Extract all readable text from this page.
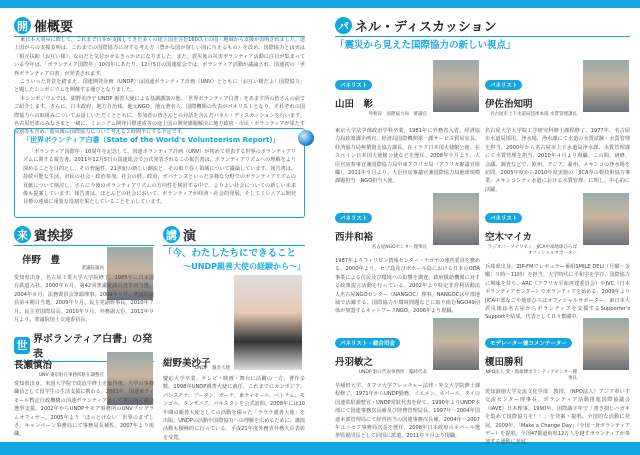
開 催概要

東日本大震災に際して、これまで日本が支援してきた多くの途上国を含む160以上の国・地域から支援が表明されました。途上国からの支援表明は、これまでの国際協力に対する考え方（豊かな国が貧しい国に与えるもの）を改め、国際協力とは実は「相互扶助（お互い様）」なのだと気付かせるきっかけになりました。また、震災後の災害ボランティア活動に注目が集まっている今年は、「ボランティア国際年」10周年にあたり、12月5日の国連総会では、ボランティア活動が議論され、国連初の「世界ボランティア白書」が発表されます。

こういった背景を踏まえ、国連開発計画（UNDP）は国連ボランティア計画（UNV）とともに「お互い様だよ！国際協力」と題したシンポジウムを開催する運びとなりました。

本シンポジウムでは、紺野美沙子 UNDP 親善大使による基調講演の他、「世界ボランティア白書」をあます所の皆さんの前でご紹介します。さらに、日本政府、地方自治体、地元NGO、地元著名人、国際機関の代表がパネリストとなり、それぞれの国際協力への取組みについてお話しいただくとともに、参加者の皆さんとの対話を含んだパネル・ディスカッションを行います。名古屋近郊のみなさまと一緒に、ミレニアム開発目標達成等の途上国の開発課題解決に地方政府・市民・ボランティアが果たす役割等も含め、震災後の国際協力について考える２時間半にする予定です。

「世界ボランティア白書（State of the World's Volunteerism Report)」

「ボランティア国際年」10周年を記念して、国連ボランティア計画（UNV）が初めて発表する世界のボランティアリズムに関する報告書。2011年12月5日の国連総会で公式発表されるこの報告書は、ボランティアリズムへの理解をより深めることを目的とし、その普遍性、21世紀の新しい潮流と、その取り巻く領域について議論しています。報告書は、持続可能な生活、市民の社会・政治参加、社会の絆、政府、ガバナンスといった多様な分野でのボランティアリズムの貢献について検討し、さらに今後のボランティアリズムの方向性を検討する中で、よりよい社会についての新しい未来像も提案しています。報告書は、ほとんどの社会において、ボランティアが経済・社会的発展、そしてミレニアム開発目標の達成に重要な役割を果たしていることを示しています。

来 賓挨拶
伴野　豊
衆議院議員

愛知県出身。名古屋工業大学大学院修了。1985年に日本国有鉄道入社。2000年６月、第42回衆議院議員選挙初当選。2004年８月、法務委員会筆頭理事。2009年９月、衆議院議員第４期目当選。2009年９月、民主党副幹事長。2010年７月、民主党国際局長。2010年９月、外務副大臣。2011年９月より、衆議院国土交通委員長。

世 界ボランティア白書」の発表
長瀬慎治
UNV 東京駐在事務所駐在調整官

愛知県出身。米国大学院で政治学修士を取得後、大学の事務職員として留学生の生活支援に携わる。2001年、国連東ティモール暫定行政機構の国連ボランティアとして憲法制定議会選挙支援。2002年からUNDPサモア事務所のUNVプログラムオフィサー。2005年より「ほっとけない　世界のまずしさ」キャンペーン事務局にて事務局長補佐。2007年より現職。

講 演
「今、わたしたちにできること
〜UNDP親善大使の経験から〜」
紺野美沙子
UNDP　親善大使

慶応大学卒業。テレビ・映画・舞台に活躍の一方、著作多数。1998年UNDP親善大使に就任。これまでにカンボジア、パレスチナ、ブータン、ガーナ、東ティモール、ベトナム、モンゴル、タンザニア、パキスタンを公式訪問。2008年には10年間の親善大使としての活動を綴った「ラララ親善大使」を出版。UNDPの活動や国際協力への理解を広めるために、講演活動も積極的に行っている。平成21年度外務省外務大臣表彰を受賞。

パ ネル・ディスカッション
「震災から見えた国際協力の新しい視点」
パネリスト
山田　彰
外務省　国際協力局　審議官

東京大学法学部政治学科卒業。1981年に外務省入省。経済協力局政策課企画官、経済局国際機関第一課サービス貿易室長、経済協力局無償資金協力課長、在イラク日本国大使館公使、在スペイン日本国大使館公使などを歴任。2008年９月より、大臣官房参事官兼国際協力局中東アフリカ局（アフリカ審議官組織）。2011年９月より、大臣官房審議官兼国際協力局地球規模課題担当　NGO担当大使。

パネリスト
伊佐治知明
名古屋市上下水道局技術本部 水質管理課長

名古屋大学大学院工学研究科修士課程修了。1977年、名古屋市水道局採用。浄水場、浄水課にて水道の水質試験・水質管理を担当。2000年から名古屋市上下水道局浄水課、水質管理課にて水質管理を担当。2010年４月より現職。この間、研修、会議、調査などで、欧州、アジア、豪州、メキシコの浄水場を訪問。2005年度から2010年度実施の「JICA草の根技術協力事業：メキシコシティ水道における水質管理」に関し、中心的に活躍。

パネリスト
西井和裕
名古屋NGOセンター理事長

1987年よりフィリピン情報センター・ナゴヤの運営委員を務める。2000年より、セブ島及びボホール島における日本のODA事業による住民及び環境への影響を調査。政府援助機関に対する政策提言活動を行っている。2002年より特定非営利活動法人名古屋NGOセンター（NANGOC）理事。NANGOCは中部地域で活躍する、国際協力や環境問題などに取り組むNGO49団体が加盟するネットワークNGO。2006年より現職。

パネリスト
空木マイカ
ラジオパーソナリティ、JICA中部地球ひろばオフィシャルサポーター

兵庫県出身。ZIP-FMでレギュラー番組SMILE DELI（月曜〜金曜：９時〜11時）を担当。大学時代に平和学を学び、国際協力に興味を持ち、ARC（アフリカ平和再建委員会）やJVC（日本ボランティアセンター）でボランティアを始める。2009年よりJICA中部なごや地球ひろばオフィシャルサポーター。東日本大震災後は名古屋からボランティアを支援するSupporter's Supportを結成、代表として日々奮闘中。

パネリスト・総合司会
丹羽敏之
UNDP 駐日代表事務所　臨時代表

早稲田大学、タフツ大学フレッチャー法律・外交大学院修士課程修了。1971年からUNDP勤務。イエメン、ネパール、タイの国連常駐調整官・UNDP常駐代表を経て、1990年よりUNDP本部にて国連事務次長補及び財務管理局長。1997年〜2004年国連本部管理局にて経営担当の国連事務次長補。2004年〜2007年ユニセフ事務局次長を歴任。2008年日本政府のネパール選挙監視団長として同国に派遣。2011年９月より現職。

モデレーター兼コメンテーター
榎田勝利
NPO法人 愛・地球博ボランティアセンター理事長

愛知淑徳大学交流文化学部　教授。（NPO法人）アジア車いす交流センター理事長。ボランティア活動推進国際協議会（IAVE）日本理事。1990年、国際識字年で「書き損じハガキを集めて国際協力を！！」を発案・提唱、全国的な活動に発展。2009年、「Make a Change Day」（全国一斉ボランティアデー）を提唱。全国47都道府県12万人を越すボランティアが参加する運動に発展。
